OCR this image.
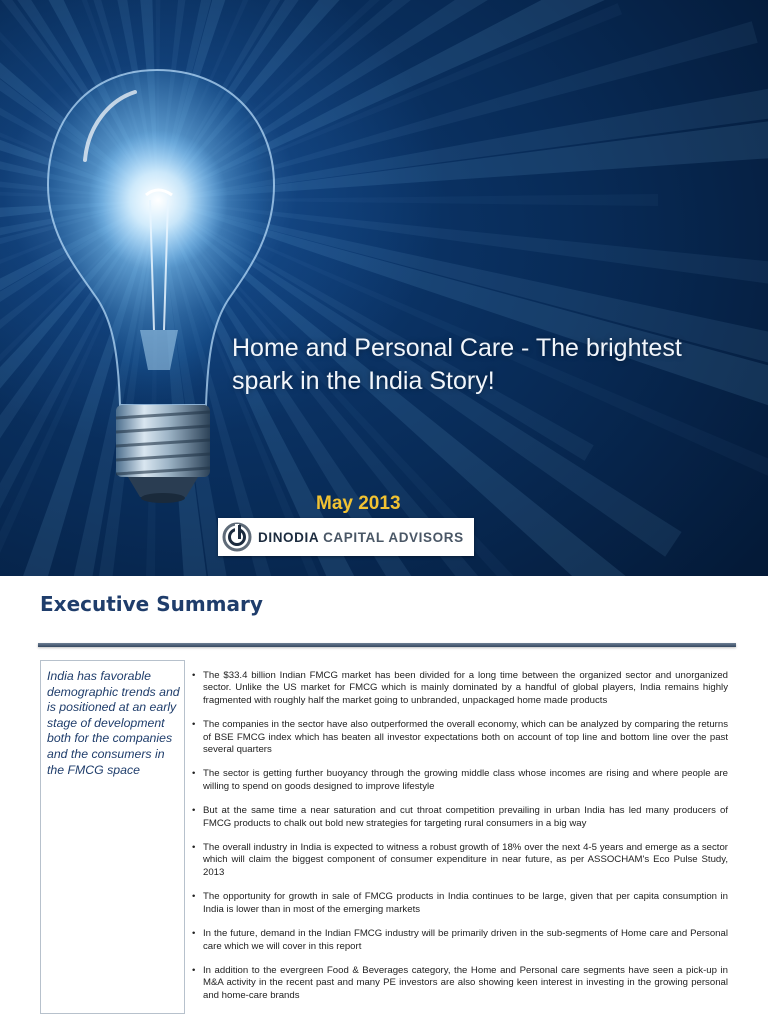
Home and Personal Care - The brightest
spark in the India Story!
May 2013
DINODIA CAPITAL ADVISORS
Executive Summary
India has favorable demographic trends and is positioned at an early stage of development both for the companies and the consumers in the FMCG space
• The $33.4 billion Indian FMCG market has been divided for a long time between the organized sector and unorganized sector. Unlike the US market for FMCG which is mainly dominated by a handful of global players, India remains highly fragmented with roughly half the market going to unbranded, unpackaged home made products
• The companies in the sector have also outperformed the overall economy, which can be analyzed by comparing the returns of BSE FMCG index which has beaten all investor expectations both on account of top line and bottom line over the past several quarters
• The sector is getting further buoyancy through the growing middle class whose incomes are rising and where people are willing to spend on goods designed to improve lifestyle
• But at the same time a near saturation and cut throat competition prevailing in urban India has led many producers of FMCG products to chalk out bold new strategies for targeting rural consumers in a big way
• The overall industry in India is expected to witness a robust growth of 18% over the next 4-5 years and emerge as a sector which will claim the biggest component of consumer expenditure in near future, as per ASSOCHAM's Eco Pulse Study, 2013
• The opportunity for growth in sale of FMCG products in India continues to be large, given that per capita consumption in India is lower than in most of the emerging markets
• In the future, demand in the Indian FMCG industry will be primarily driven in the sub-segments of Home care and Personal care which we will cover in this report
• In addition to the evergreen Food & Beverages category, the Home and Personal care segments have seen a pick-up in M&A activity in the recent past and many PE investors are also showing keen interest in investing in the growing personal and home-care brands
